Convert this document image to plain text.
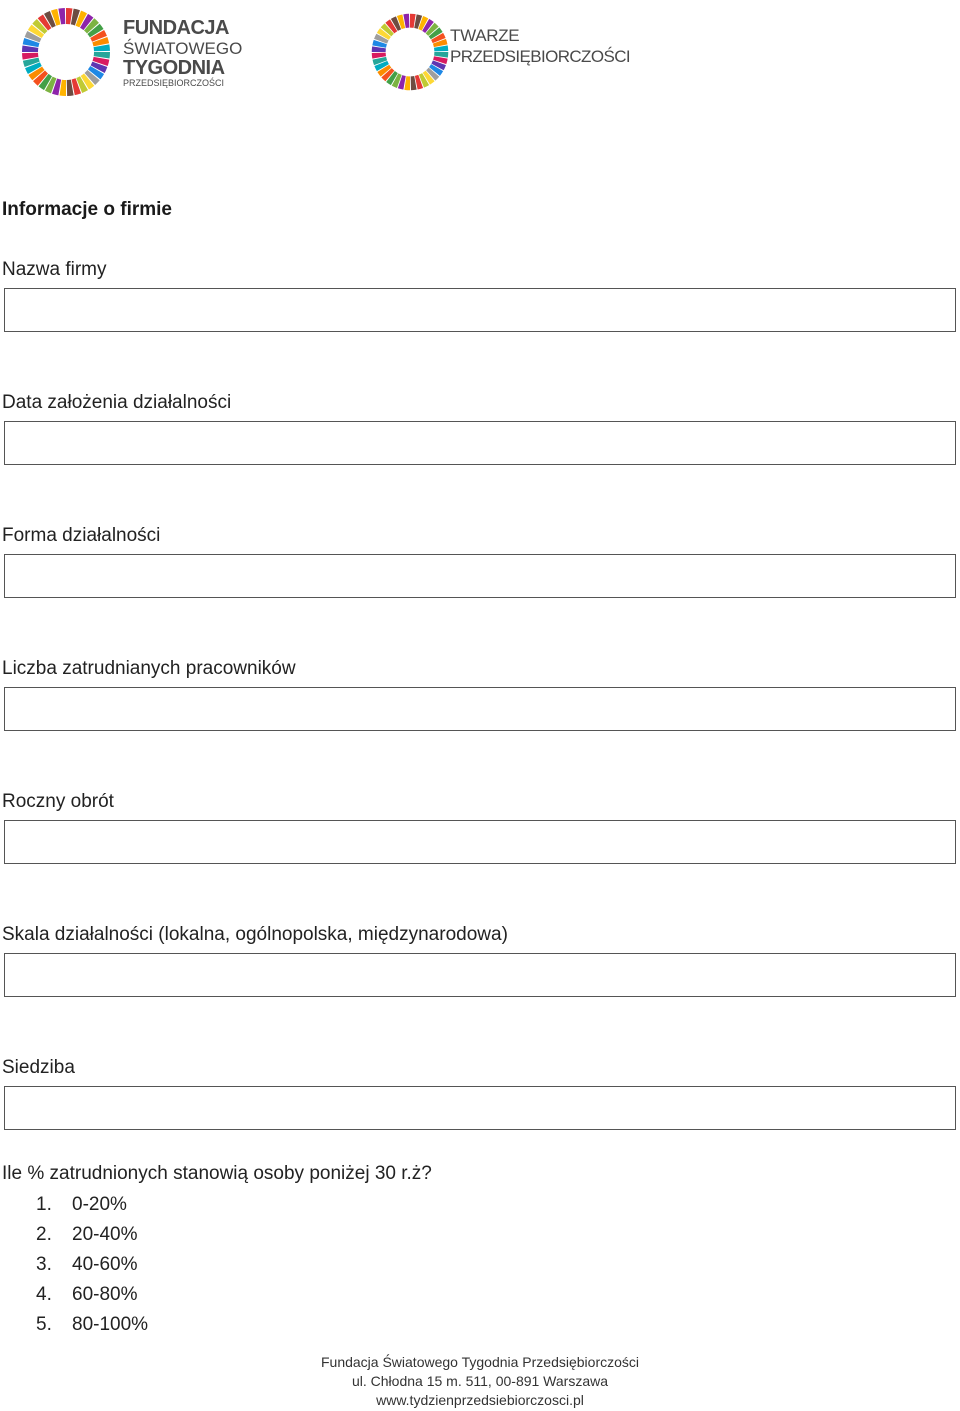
FUNDACJA
ŚWIATOWEGO
TYGODNIA
PRZEDSIĘBIORCZOŚCI
TWARZE
PRZEDSIĘBIORCZOŚCI
Informacje o firmie
Nazwa firmy
Data założenia działalności
Forma działalności
Liczba zatrudnianych pracowników
Roczny obrót
Skala działalności (lokalna, ogólnopolska, międzynarodowa)
Siedziba
Ile % zatrudnionych stanowią osoby poniżej 30 r.ż?
1. 0-20%
2. 20-40%
3. 40-60%
4. 60-80%
5. 80-100%
Fundacja Światowego Tygodnia Przedsiębiorczości
ul. Chłodna 15 m. 511, 00-891 Warszawa
www.tydzienprzedsiebiorczosci.pl
